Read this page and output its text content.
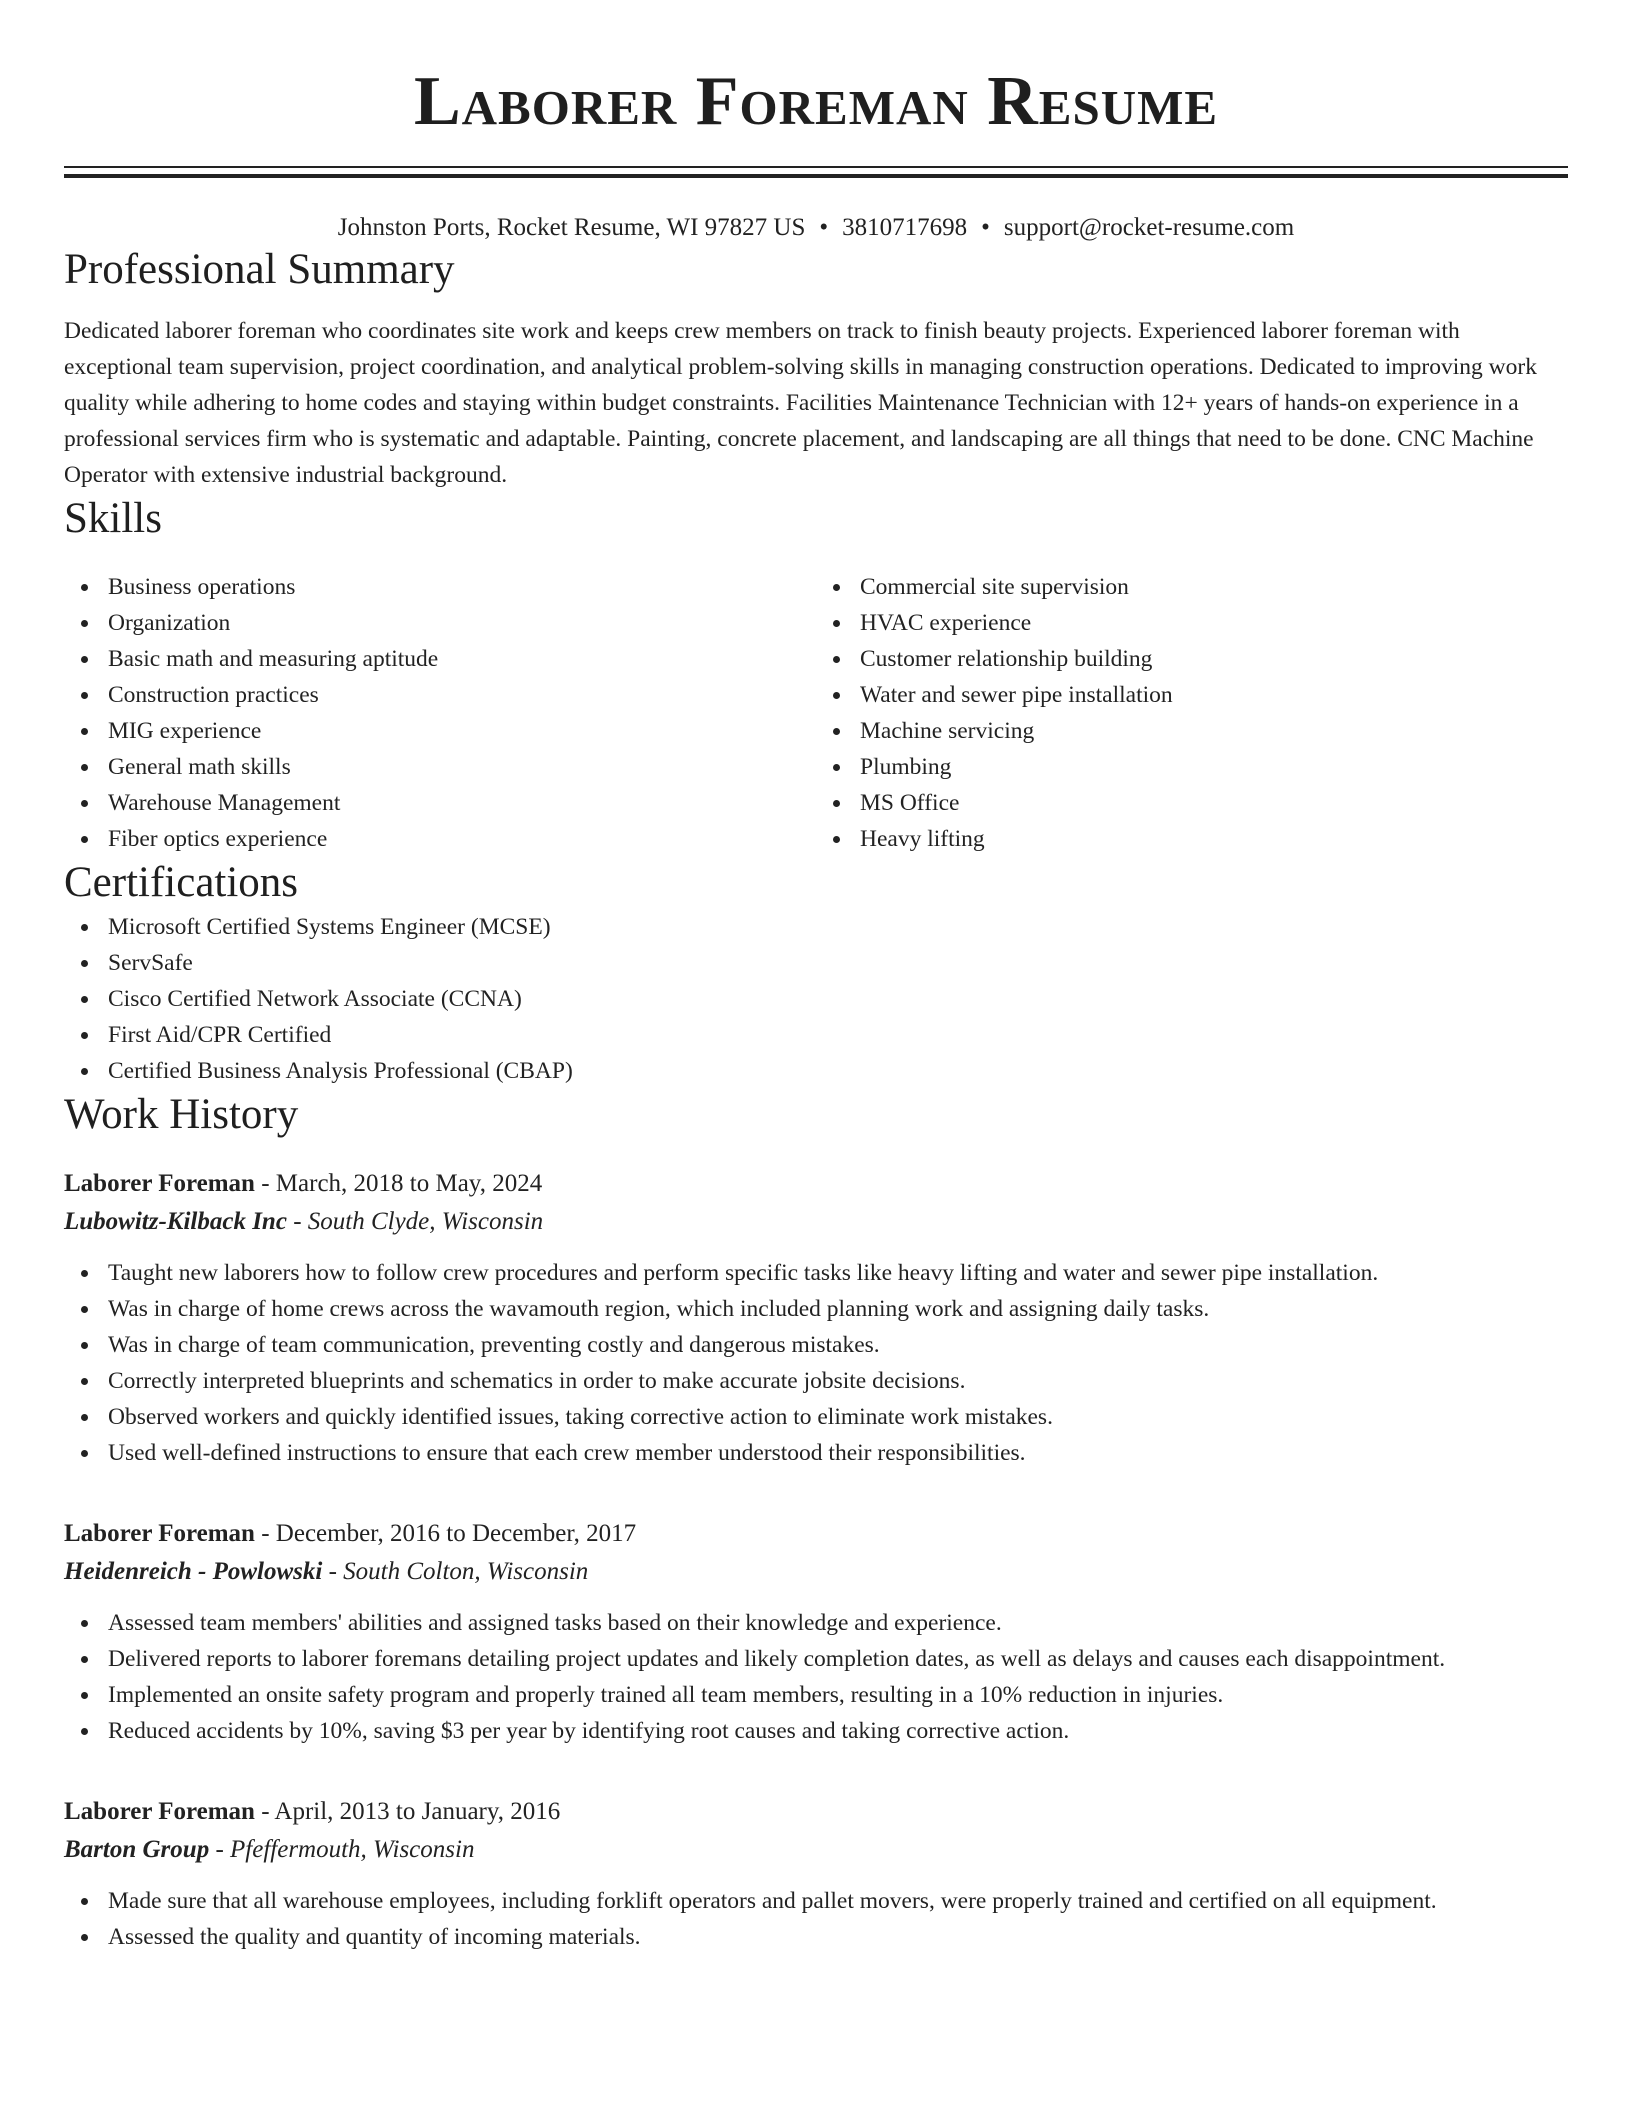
Laborer Foreman Resume
Johnston Ports, Rocket Resume, WI 97827 US • 3810717698 • support@rocket-resume.com
Professional Summary

Dedicated laborer foreman who coordinates site work and keeps crew members on track to finish beauty projects. Experienced laborer foreman with exceptional team supervision, project coordination, and analytical problem-solving skills in managing construction operations. Dedicated to improving work quality while adhering to home codes and staying within budget constraints. Facilities Maintenance Technician with 12+ years of hands-on experience in a professional services firm who is systematic and adaptable. Painting, concrete placement, and landscaping are all things that need to be done. CNC Machine Operator with extensive industrial background.

Skills
Business operations
Organization
Basic math and measuring aptitude
Construction practices
MIG experience
General math skills
Warehouse Management
Fiber optics experience
Commercial site supervision
HVAC experience
Customer relationship building
Water and sewer pipe installation
Machine servicing
Plumbing
MS Office
Heavy lifting
Certifications
Microsoft Certified Systems Engineer (MCSE)
ServSafe
Cisco Certified Network Associate (CCNA)
First Aid/CPR Certified
Certified Business Analysis Professional (CBAP)
Work History
Laborer Foreman - March, 2018 to May, 2024
Lubowitz-Kilback Inc - South Clyde, Wisconsin
Taught new laborers how to follow crew procedures and perform specific tasks like heavy lifting and water and sewer pipe installation.
Was in charge of home crews across the wavamouth region, which included planning work and assigning daily tasks.
Was in charge of team communication, preventing costly and dangerous mistakes.
Correctly interpreted blueprints and schematics in order to make accurate jobsite decisions.
Observed workers and quickly identified issues, taking corrective action to eliminate work mistakes.
Used well-defined instructions to ensure that each crew member understood their responsibilities.
Laborer Foreman - December, 2016 to December, 2017
Heidenreich - Powlowski - South Colton, Wisconsin
Assessed team members' abilities and assigned tasks based on their knowledge and experience.
Delivered reports to laborer foremans detailing project updates and likely completion dates, as well as delays and causes each disappointment.
Implemented an onsite safety program and properly trained all team members, resulting in a 10% reduction in injuries.
Reduced accidents by 10%, saving $3 per year by identifying root causes and taking corrective action.
Laborer Foreman - April, 2013 to January, 2016
Barton Group - Pfeffermouth, Wisconsin
Made sure that all warehouse employees, including forklift operators and pallet movers, were properly trained and certified on all equipment.
Assessed the quality and quantity of incoming materials.
